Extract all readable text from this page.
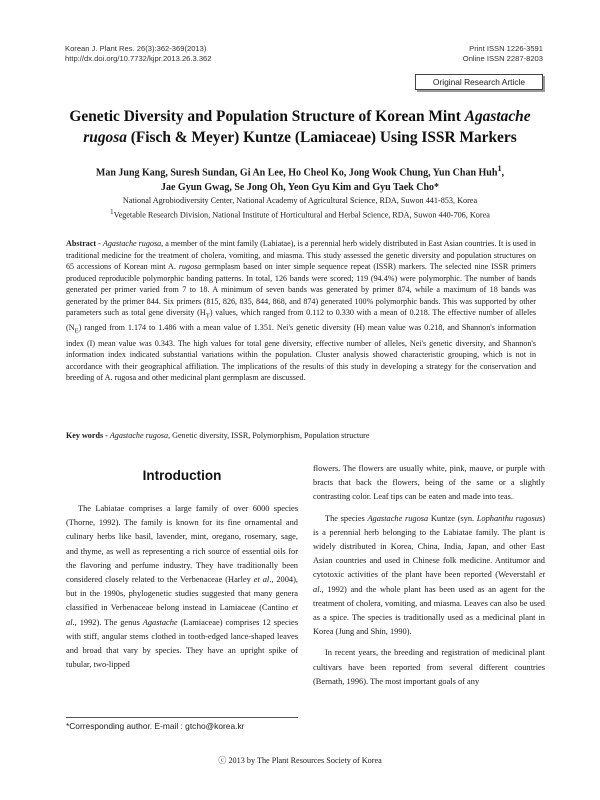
Korean J. Plant Res. 26(3):362-369(2013)
http://dx.doi.org/10.7732/kjpr.2013.26.3.362
Print ISSN 1226-3591
Online ISSN 2287-8203
Original Research Article
Genetic Diversity and Population Structure of Korean Mint Agastache rugosa (Fisch & Meyer) Kuntze (Lamiaceae) Using ISSR Markers
Man Jung Kang, Suresh Sundan, Gi An Lee, Ho Cheol Ko, Jong Wook Chung, Yun Chan Huh$^1$,
Jae Gyun Gwag, Se Jong Oh, Yeon Gyu Kim and Gyu Taek Cho*
National Agrobiodiversity Center, National Academy of Agricultural Science, RDA, Suwon 441-853, Korea
$^1$Vegetable Research Division, National Institute of Horticultural and Herbal Science, RDA, Suwon 440-706, Korea

Abstract - Agastache rugosa, a member of the mint family (Labiatae), is a perennial herb widely distributed in East Asian countries. It is used in traditional medicine for the treatment of cholera, vomiting, and miasma. This study assessed the genetic diversity and population structures on 65 accessions of Korean mint A. rugosa germplasm based on inter simple sequence repeat (ISSR) markers. The selected nine ISSR primers produced reproducible polymorphic banding patterns. In total, 126 bands were scored; 119 (94.4%) were polymorphic. The number of bands generated per primer varied from 7 to 18. A minimum of seven bands was generated by primer 874, while a maximum of 18 bands was generated by the primer 844. Six primers (815, 826, 835, 844, 868, and 874) generated 100% polymorphic bands. This was supported by other parameters such as total gene diversity $(H_T)$ values, which ranged from 0.112 to 0.330 with a mean of 0.218. The effective number of alleles $(N_E)$ ranged from 1.174 to 1.486 with a mean value of 1.351. Nei's genetic diversity (H) mean value was 0.218, and Shannon's information index (I) mean value was 0.343. The high values for total gene diversity, effective number of alleles, Nei's genetic diversity, and Shannon's information index indicated substantial variations within the population. Cluster analysis showed characteristic grouping, which is not in accordance with their geographical affiliation. The implications of the results of this study in developing a strategy for the conservation and breeding of A. rugosa and other medicinal plant germplasm are discussed.

Key words - Agastache rugosa, Genetic diversity, ISSR, Polymorphism, Population structure

Introduction

The Labiatae comprises a large family of over 6000 species (Thorne, 1992). The family is known for its fine ornamental and culinary herbs like basil, lavender, mint, oregano, rosemary, sage, and thyme, as well as representing a rich source of essential oils for the flavoring and perfume industry. They have traditionally been considered closely related to the Verbenaceae (Harley et al., 2004), but in the 1990s, phylogenetic studies suggested that many genera classified in Verbenaceae belong instead in Lamiaceae (Cantino et al., 1992). The genus Agastache (Lamiaceae) comprises 12 species with stiff, angular stems clothed in tooth-edged lance-shaped leaves and broad that vary by species. They have an upright spike of tubular, two-lipped

flowers. The flowers are usually white, pink, mauve, or purple with bracts that back the flowers, being of the same or a slightly contrasting color. Leaf tips can be eaten and made into teas.

The species Agastache rugosa Kuntze (syn. Lophanthu rugosus) is a perennial herb belonging to the Labiatae family. The plant is widely distributed in Korea, China, India, Japan, and other East Asian countries and used in Chinese folk medicine. Antitumor and cytotoxic activities of the plant have been reported (Weverstahl et al., 1992) and the whole plant has been used as an agent for the treatment of cholera, vomiting, and miasma. Leaves can also be used as a spice. The species is traditionally used as a medicinal plant in Korea (Jung and Shin, 1990).

In recent years, the breeding and registration of medicinal plant cultivars have been reported from several different countries (Bernath, 1996). The most important goals of any

*Corresponding author. E-mail : gtcho@korea.kr
ⓒ 2013 by The Plant Resources Society of Korea
